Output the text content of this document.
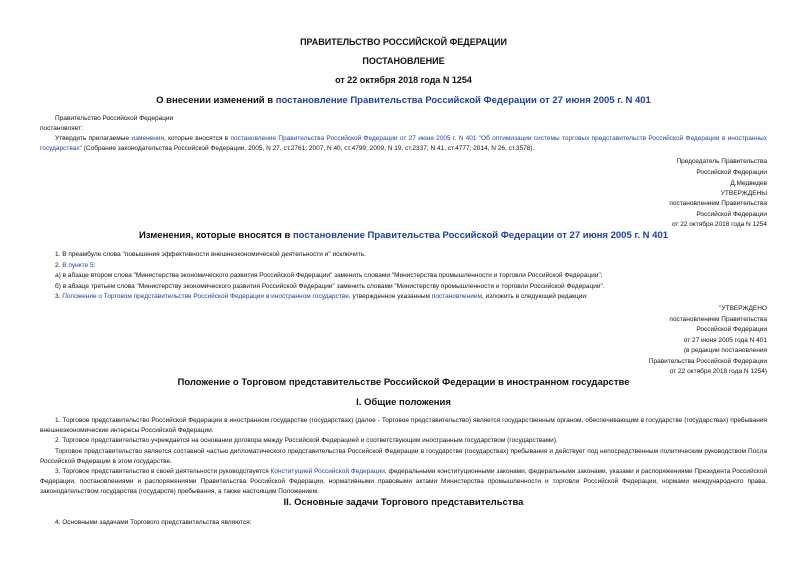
ПРАВИТЕЛЬСТВО РОССИЙСКОЙ ФЕДЕРАЦИИ
ПОСТАНОВЛЕНИЕ
от 22 октября 2018 года N 1254
О внесении изменений в постановление Правительства Российской Федерации от 27 июня 2005 г. N 401
Правительство Российской Федерации
постановляет:
Утвердить прилагаемые изменения, которые вносятся в постановление Правительства Российской Федерации от 27 июня 2005 г. N 401 "Об оптимизации системы торговых представительств Российской Федерации в иностранных государствах" (Собрание законодательства Российской Федерации, 2005, N 27, ст.2761; 2007, N 40, ст.4799; 2009, N 19, ст.2337; N 41, ст.4777; 2014, N 26, ст.3578).
Председатель Правительства
Российской Федерации
Д.Медведев
УТВЕРЖДЕНЫ
постановлением Правительства
Российской Федерации
от 22 октября 2018 года N 1254
Изменения, которые вносятся в постановление Правительства Российской Федерации от 27 июня 2005 г. N 401
1. В преамбуле слова "повышения эффективности внешнеэкономической деятельности и" исключить.
2. В пункте 5:
а) в абзаце втором слова "Министерства экономического развития Российской Федерации" заменить словами "Министерства промышленности и торговли Российской Федерации";
б) в абзаце третьем слова "Министерству экономического развития Российской Федерации" заменить словами "Министерству промышленности и торговли Российской Федерации".
3. Положение о Торговом представительстве Российской Федерации в иностранном государстве, утвержденное указанным постановлением, изложить в следующей редакции:
"УТВЕРЖДЕНО
постановлением Правительства
Российской Федерации
от 27 июня 2005 года N 401
(в редакции постановления
Правительства Российской Федерации
от 22 октября 2018 года N 1254)
Положение о Торговом представительстве Российской Федерации в иностранном государстве
I. Общие положения
1. Торговое представительство Российской Федерации в иностранном государстве (государствах) (далее - Торговое представительство) является государственным органом, обеспечивающим в государстве (государствах) пребывания внешнеэкономические интересы Российской Федерации.
2. Торговое представительство учреждается на основании договора между Российской Федерацией и соответствующим иностранным государством (государствами).
Торговое представительство является составной частью дипломатического представительства Российской Федерации в государстве (государствах) пребывания и действует под непосредственным политическим руководством Посла Российской Федерации в этом государстве.
3. Торговое представительство в своей деятельности руководствуется Конституцией Российской Федерации, федеральными конституционными законами, федеральными законами, указами и распоряжениями Президента Российской Федерации, постановлениями и распоряжениями Правительства Российской Федерации, нормативными правовыми актами Министерства промышленности и торговли Российской Федерации, нормами международного права, законодательством государства (государств) пребывания, а также настоящим Положением.
II. Основные задачи Торгового представительства
4. Основными задачами Торгового представительства являются:
